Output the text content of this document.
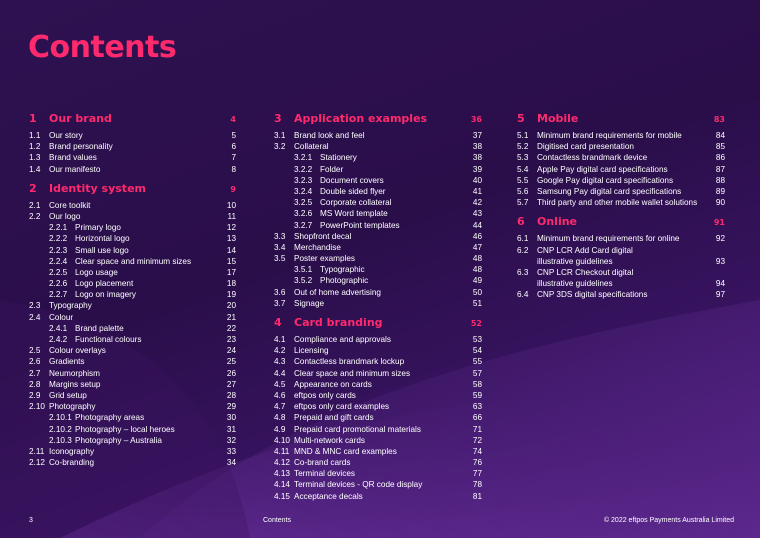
Contents
1	Our brand	4
1.1	Our story	5
1.2	Brand personality	6
1.3	Brand values	7
1.4	Our manifesto	8
2	Identity system	9
2.1	Core toolkit	10
2.2	Our logo	11
2.2.1 Primary logo	12
2.2.2 Horizontal logo	13
2.2.3 Small use logo	14
2.2.4 Clear space and minimum sizes	15
2.2.5 Logo usage	17
2.2.6 Logo placement	18
2.2.7 Logo on imagery	19
2.3	Typography	20
2.4	Colour	21
2.4.1 Brand palette	22
2.4.2 Functional colours	23
2.5	Colour overlays	24
2.6	Gradients	25
2.7	Neumorphism	26
2.8	Margins setup	27
2.9	Grid setup	28
2.10 Photography	29
2.10.1 Photography areas	30
2.10.2 Photography – local heroes	31
2.10.3 Photography – Australia	32
2.11 Iconography	33
2.12 Co-branding	34
3	Application examples	36
3.1	Brand look and feel	37
3.2	Collateral	38
3.2.1 Stationery	38
3.2.2 Folder	39
3.2.3 Document covers	40
3.2.4 Double sided flyer	41
3.2.5 Corporate collateral	42
3.2.6 MS Word template	43
3.2.7 PowerPoint templates	44
3.3	Shopfront decal	46
3.4	Merchandise	47
3.5	Poster examples	48
3.5.1 Typographic	48
3.5.2 Photographic	49
3.6	Out of home advertising	50
3.7	Signage	51
4	Card branding	52
4.1	Compliance and approvals	53
4.2	Licensing	54
4.3	Contactless brandmark lockup	55
4.4	Clear space and minimum sizes	57
4.5	Appearance on cards	58
4.6	eftpos only cards	59
4.7	eftpos only card examples	63
4.8	Prepaid and gift cards	66
4.9	Prepaid card promotional materials	71
4.10 Multi-network cards	72
4.11 MND & MNC card examples	74
4.12 Co-brand cards	76
4.13 Terminal devices	77
4.14 Terminal devices - QR code display	78
4.15 Acceptance decals	81
5	Mobile	83
5.1	Minimum brand requirements for mobile	84
5.2	Digitised card presentation	85
5.3	Contactless brandmark device	86
5.4	Apple Pay digital card specifications	87
5.5	Google Pay digital card specifications	88
5.6	Samsung Pay digital card specifications	89
5.7	Third party and other mobile wallet solutions	90
6	Online	91
6.1	Minimum brand requirements for online	92
6.2	CNP LCR Add Card digital
illustrative guidelines	93
6.3	CNP LCR Checkout digital
illustrative guidelines	94
6.4	CNP 3DS digital specifications	97
3	Contents	© 2022 eftpos Payments Australia Limited
